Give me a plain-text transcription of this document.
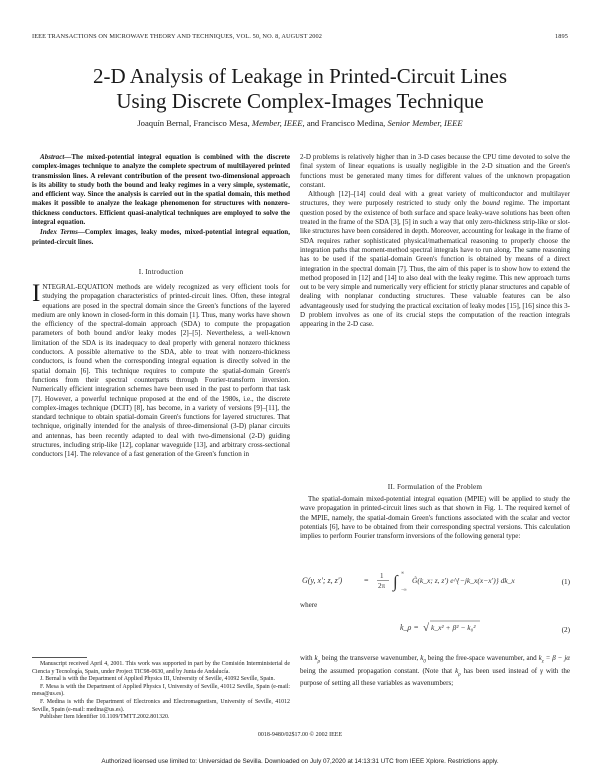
IEEE TRANSACTIONS ON MICROWAVE THEORY AND TECHNIQUES, VOL. 50, NO. 8, AUGUST 2002	1895
2-D Analysis of Leakage in Printed-Circuit Lines
Using Discrete Complex-Images Technique
Joaquín Bernal, Francisco Mesa, Member, IEEE, and Francisco Medina, Senior Member, IEEE

Abstract—The mixed-potential integral equation is combined with the discrete complex-images technique to analyze the complete spectrum of multilayered printed transmission lines. A relevant contribution of the present two-dimensional approach is its ability to study both the bound and leaky regimes in a very simple, systematic, and efficient way. Since the analysis is carried out in the spatial domain, this method makes it possible to analyze the leakage phenomenon for structures with nonzero-thickness conductors. Efficient quasi-analytical techniques are employed to solve the integral equation.

Index Terms—Complex images, leaky modes, mixed-potential integral equation, printed-circuit lines.

I. Introduction
INTEGRAL-EQUATION methods are widely recognized as very efficient tools for studying the propagation characteristics of printed-circuit lines. Often, these integral equations are posed in the spectral domain since the Green's functions of the layered medium are only known in closed-form in this domain [1]. Thus, many works have shown the efficiency of the spectral-domain approach (SDA) to compute the propagation parameters of both bound and/or leaky modes [2]–[5]. Nevertheless, a well-known limitation of the SDA is its inadequacy to deal properly with general nonzero thickness conductors. A possible alternative to the SDA, able to treat with nonzero-thickness conductors, is found when the corresponding integral equation is directly solved in the spatial domain [6]. This technique requires to compute the spatial-domain Green's functions from their spectral counterparts through Fourier-transform inversion. Numerically efficient integration schemes have been used in the past to perform that task [7]. However, a powerful technique proposed at the end of the 1980s, i.e., the discrete complex-images technique (DCIT) [8], has become, in a variety of versions [9]–[11], the standard technique to obtain spatial-domain Green's functions for layered structures. That technique, originally intended for the analysis of three-dimensional (3-D) planar circuits and antennas, has been recently adapted to deal with two-dimensional (2-D) guiding structures, including strip-like [12], coplanar waveguide [13], and arbitrary cross-sectional conductors [14]. The relevance of a fast generation of the Green's function in

Manuscript received April 4, 2001. This work was supported in part by the Comisión Interministerial de Ciencia y Tecnología, Spain, under Project TIC98-0630, and by Junta de Andalucía.

J. Bernal is with the Department of Applied Physics III, University of Seville, 41092 Seville, Spain.

F. Mesa is with the Department of Applied Physics I, University of Seville, 41012 Seville, Spain (e-mail: mesa@us.es).

F. Medina is with the Department of Electronics and Electromagnetism, University of Seville, 41012 Seville, Spain (e-mail: medina@us.es).

Publisher Item Identifier 10.1109/TMTT.2002.801320.

2-D problems is relatively higher than in 3-D cases because the CPU time devoted to solve the final system of linear equations is usually negligible in the 2-D situation and the Green's functions must be generated many times for different values of the unknown propagation constant.

Although [12]–[14] could deal with a great variety of multiconductor and multilayer structures, they were purposely restricted to study only the bound regime. The important question posed by the existence of both surface and space leaky-wave solutions has been often treated in the frame of the SDA [3], [5] in such a way that only zero-thickness strip-like or slot-like structures have been considered in depth. Moreover, accounting for leakage in the frame of SDA requires rather sophisticated physical/mathematical reasoning to properly choose the integration paths that moment-method spectral integrals have to run along. The same reasoning has to be used if the spatial-domain Green's function is obtained by means of a direct integration in the spectral domain [7]. Thus, the aim of this paper is to show how to extend the method proposed in [12] and [14] to also deal with the leaky regime. This new approach turns out to be very simple and numerically very efficient for strictly planar structures and capable of dealing with nonplanar conducting structures. These valuable features can be also advantageously used for studying the practical excitation of leaky modes [15], [16] since this 3-D problem involves as one of its crucial steps the computation of the reaction integrals appearing in the 2-D case.

II. Formulation of the Problem

The spatial-domain mixed-potential integral equation (MPIE) will be applied to study the wave propagation in printed-circuit lines such as that shown in Fig. 1. The required kernel of the MPIE, namely, the spatial-domain Green's functions associated with the scalar and vector potentials [6], have to be obtained from their corresponding spectral versions. This calculation implies to perform Fourier transform inversions of the following general type:

G(y, x′; z, z′)	= 1
2π ∫ ∞
−∞
G̃(k_x; z, z′) e^{−jk_x(x−x′)} dk_x	(1)
where
k_ρ = √ k_x² + β² − k₀²	(2)

with $k_\rho$ being the transverse wavenumber, $k_0$ being the free-space wavenumber, and $k_z = \beta - j\alpha$ being the assumed propagation constant. (Note that $k_\rho$ has been used instead of γ with the purpose of setting all these variables as wavenumbers;

0018-9480/02$17.00 © 2002 IEEE
Authorized licensed use limited to: Universidad de Sevilla. Downloaded on July 07,2020 at 14:13:31 UTC from IEEE Xplore. Restrictions apply.
